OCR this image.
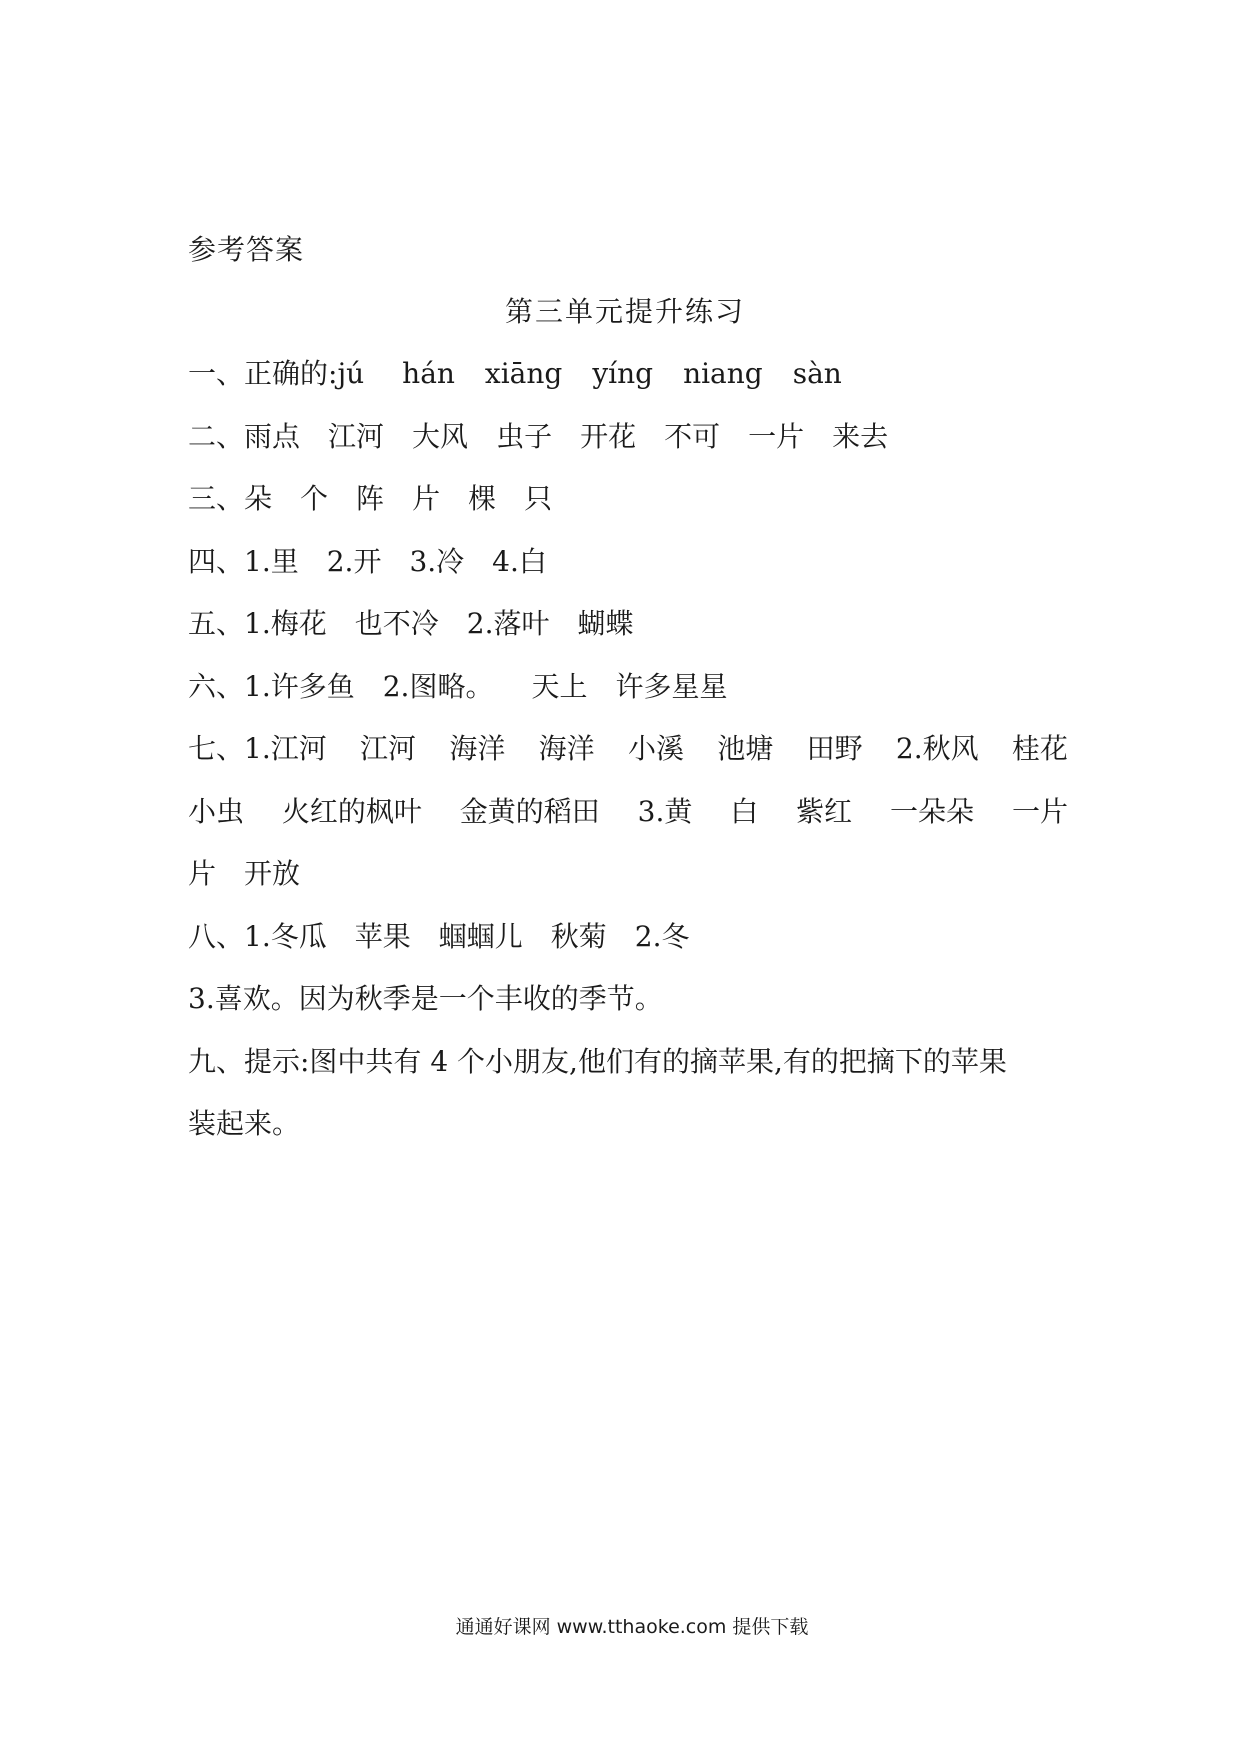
参考答案
第三单元提升练习
一、正确的: jú hán xiāng yíng niang sàn
二、 雨点 江河 大风 虫子 开花 不可 一片 来去
三、 朵 个 阵 片 棵 只
四、 1.里 2.开 3.冷 4.白
五、 1.梅花 也不冷 2.落叶 蝴蝶
六、 1.许多鱼 2.图略。 天上 许多星星
七、1.江河 江河 海洋 海洋 小溪 池塘 田野 2.秋风 桂花
小虫 火红的枫叶 金黄的稻田 3.黄 白 紫红 一朵朵 一片
片 开放
八、 1.冬瓜 苹果 蝈蝈儿 秋菊 2.冬
3.喜欢。因为秋季是一个丰收的季节。
九、提示:图中共有 4 个小朋友,他们有的摘苹果,有的把摘下的苹果
装起来。
通通好课网 www.tthaoke.com 提供下载
